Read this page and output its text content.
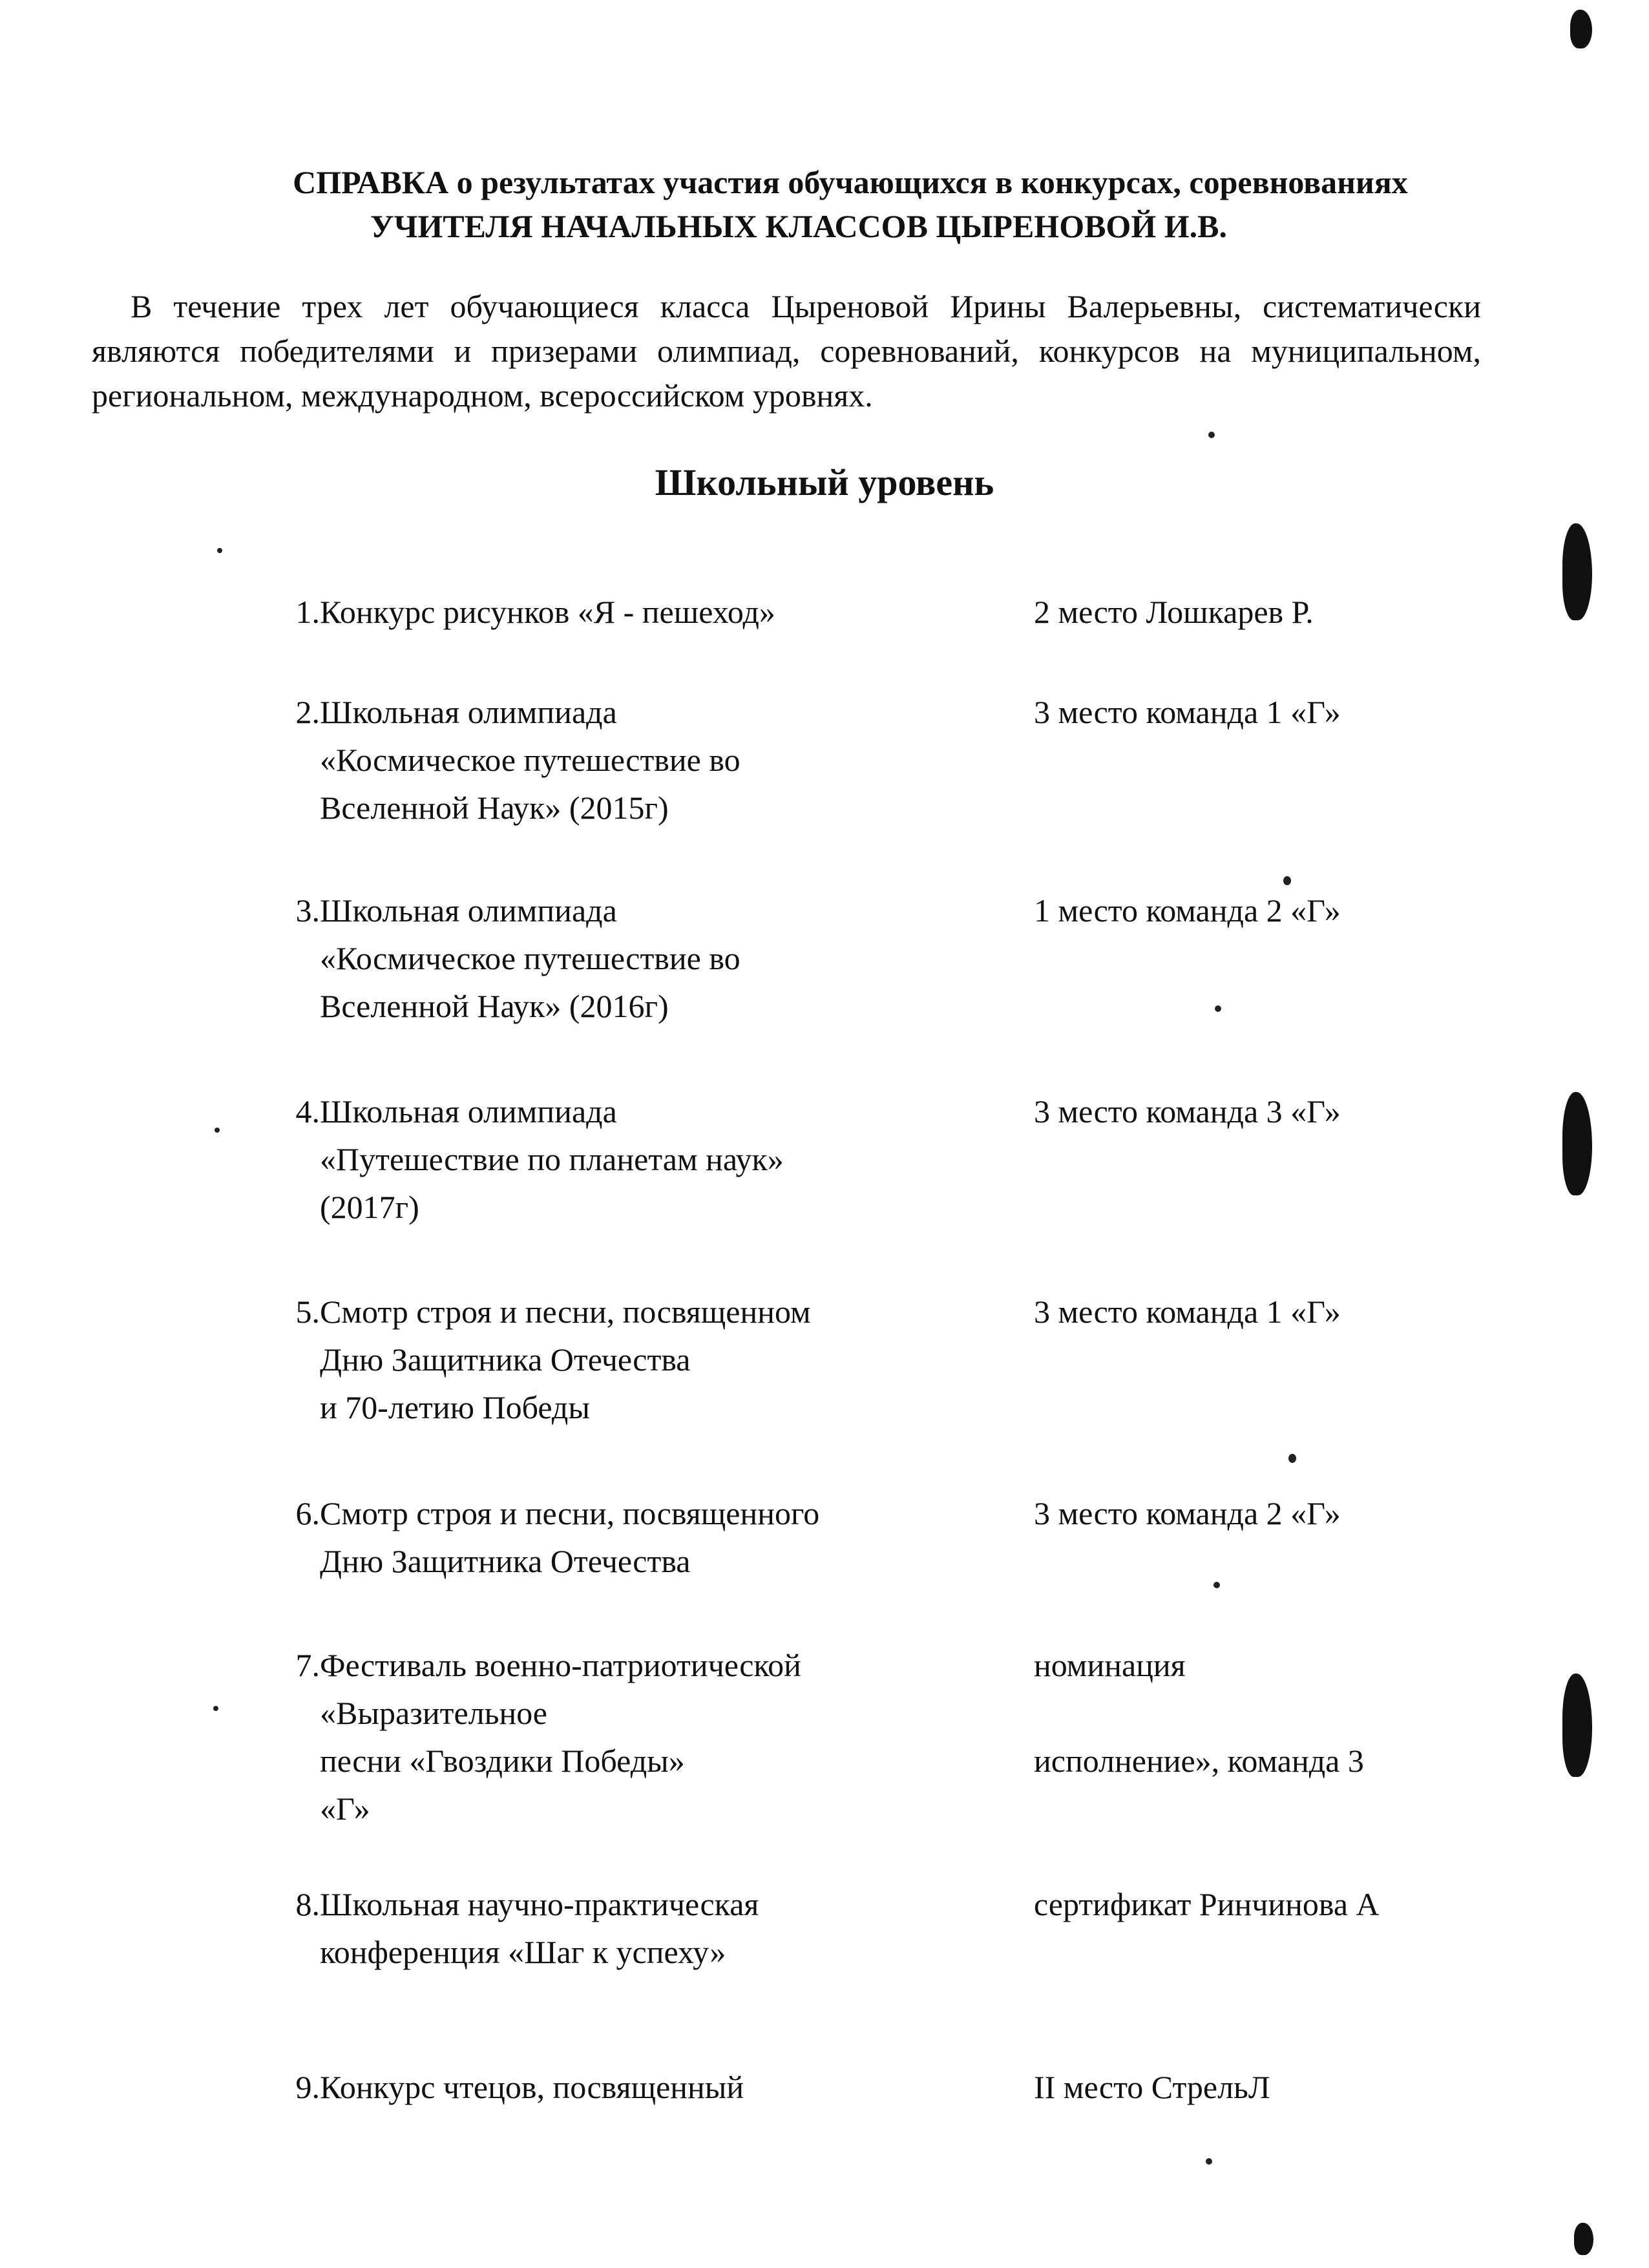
СПРАВКА о результатах участия обучающихся в конкурсах, соревнованиях
УЧИТЕЛЯ НАЧАЛЬНЫХ КЛАССОВ ЦЫРЕНОВОЙ И.В.
В течение трех лет обучающиеся класса Цыреновой Ирины Валерьевны, систематически являются победителями и призерами олимпиад, соревнований, конкурсов на муниципальном, региональном, международном, всероссийском уровнях.
Школьный уровень
1. Конкурс рисунков «Я - пешеход»	2 место Лошкарев Р.
2. Школьная олимпиада
«Космическое путешествие во
Вселенной Наук» (2015г)
3 место команда 1 «Г»
3. Школьная олимпиада
«Космическое путешествие во
Вселенной Наук» (2016г)
1 место команда 2 «Г»
4. Школьная олимпиада
«Путешествие по планетам наук»
(2017г)
3 место команда 3 «Г»
5. Смотр строя и песни, посвященном
Дню Защитника Отечества
и 70-летию Победы
3 место команда 1 «Г»
6. Смотр строя и песни, посвященного
Дню Защитника Отечества
3 место команда 2 «Г»
7. Фестиваль военно-патриотической
«Выразительное
песни «Гвоздики Победы»
«Г»
номинация

исполнение», команда 3
8. Школьная научно-практическая
конференция «Шаг к успеху»
сертификат Ринчинова А
9. Конкурс чтецов, посвященный	II место СтрельЛ
